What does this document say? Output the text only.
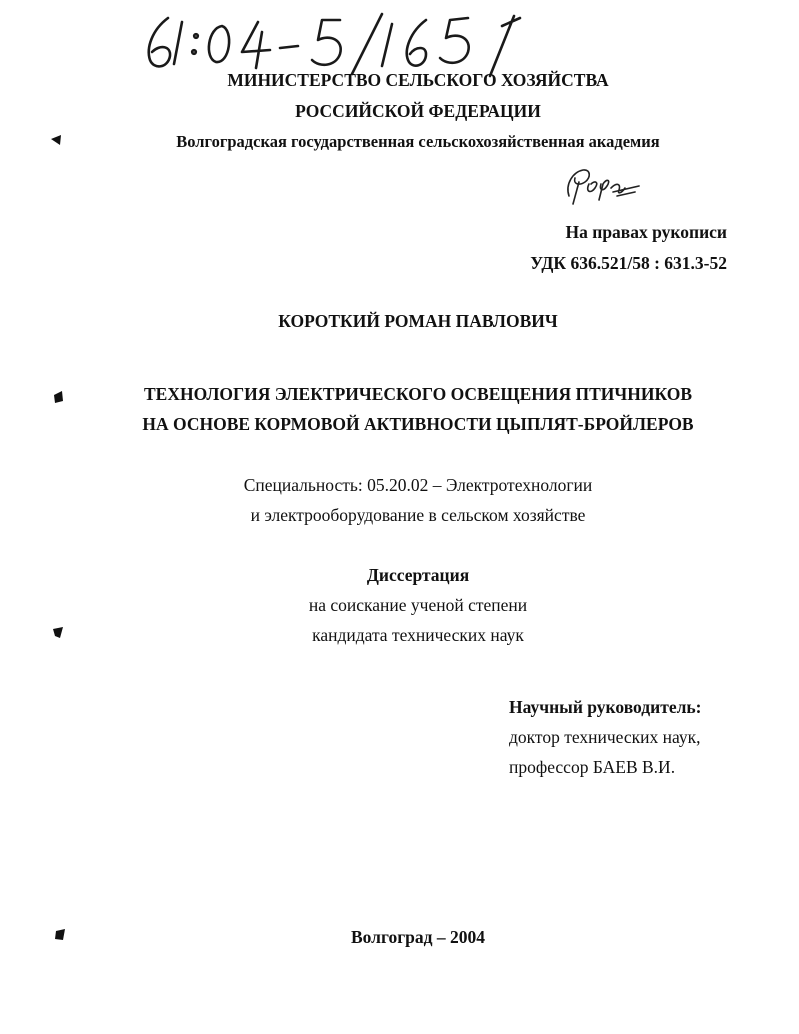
МИНИСТЕРСТВО СЕЛЬСКОГО ХОЗЯЙСТВА
РОССИЙСКОЙ ФЕДЕРАЦИИ
Волгоградская государственная сельскохозяйственная академия
На правах рукописи
УДК 636.521/58 : 631.3-52
КОРОТКИЙ РОМАН ПАВЛОВИЧ
ТЕХНОЛОГИЯ ЭЛЕКТРИЧЕСКОГО ОСВЕЩЕНИЯ ПТИЧНИКОВ
НА ОСНОВЕ КОРМОВОЙ АКТИВНОСТИ ЦЫПЛЯТ-БРОЙЛЕРОВ
Специальность: 05.20.02 – Электротехнологии
и электрооборудование в сельском хозяйстве
Диссертация
на соискание ученой степени
кандидата технических наук
Научный руководитель:
доктор технических наук,
профессор БАЕВ В.И.
Волгоград – 2004
